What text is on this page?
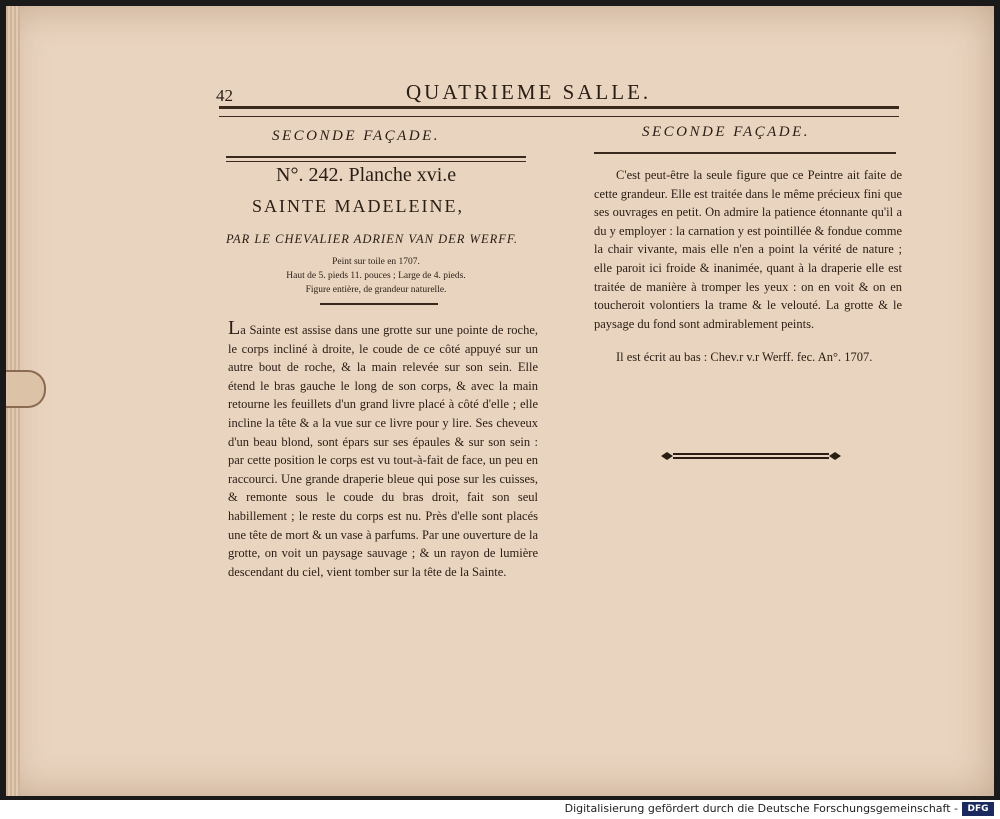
42	QUATRIEME SALLE.
SECONDE FAÇADE.	SECONDE FAÇADE.
N°. 242. Planche xvi.e
SAINTE MADELEINE,
PAR LE CHEVALIER ADRIEN VAN DER WERFF.
Peint sur toile en 1707.
Haut de 5. pieds 11. pouces ; Large de 4. pieds.
Figure entière, de grandeur naturelle.
La Sainte est assise dans une grotte sur une pointe de roche, le corps incliné à droite, le coude de ce côté appuyé sur un autre bout de roche, & la main relevée sur son sein. Elle étend le bras gauche le long de son corps, & avec la main retourne les feuillets d'un grand livre placé à côté d'elle ; elle incline la tête & a la vue sur ce livre pour y lire. Ses cheveux d'un beau blond, sont épars sur ses épaules & sur son sein : par cette position le corps est vu tout-à-fait de face, un peu en raccourci. Une grande draperie bleue qui pose sur les cuisses, & remonte sous le coude du bras droit, fait son seul habillement ; le reste du corps est nu. Près d'elle sont placés une tête de mort & un vase à parfums. Par une ouverture de la grotte, on voit un paysage sauvage ; & un rayon de lumière descendant du ciel, vient tomber sur la tête de la Sainte.
C'est peut-être la seule figure que ce Peintre ait faite de cette grandeur. Elle est traitée dans le même précieux fini que ses ouvrages en petit. On admire la patience étonnante qu'il a du y employer : la carnation y est pointillée & fondue comme la chair vivante, mais elle n'en a point la vérité de nature ; elle paroit ici froide & inanimée, quant à la draperie elle est traitée de manière à tromper les yeux : on en voit & on en toucheroit volontiers la trame & le velouté. La grotte & le paysage du fond sont admirablement peints.
Il est écrit au bas : Chev.r v.r Werff. fec. An°. 1707.
Digitalisierung gefördert durch die Deutsche Forschungsgemeinschaft -	DFG
